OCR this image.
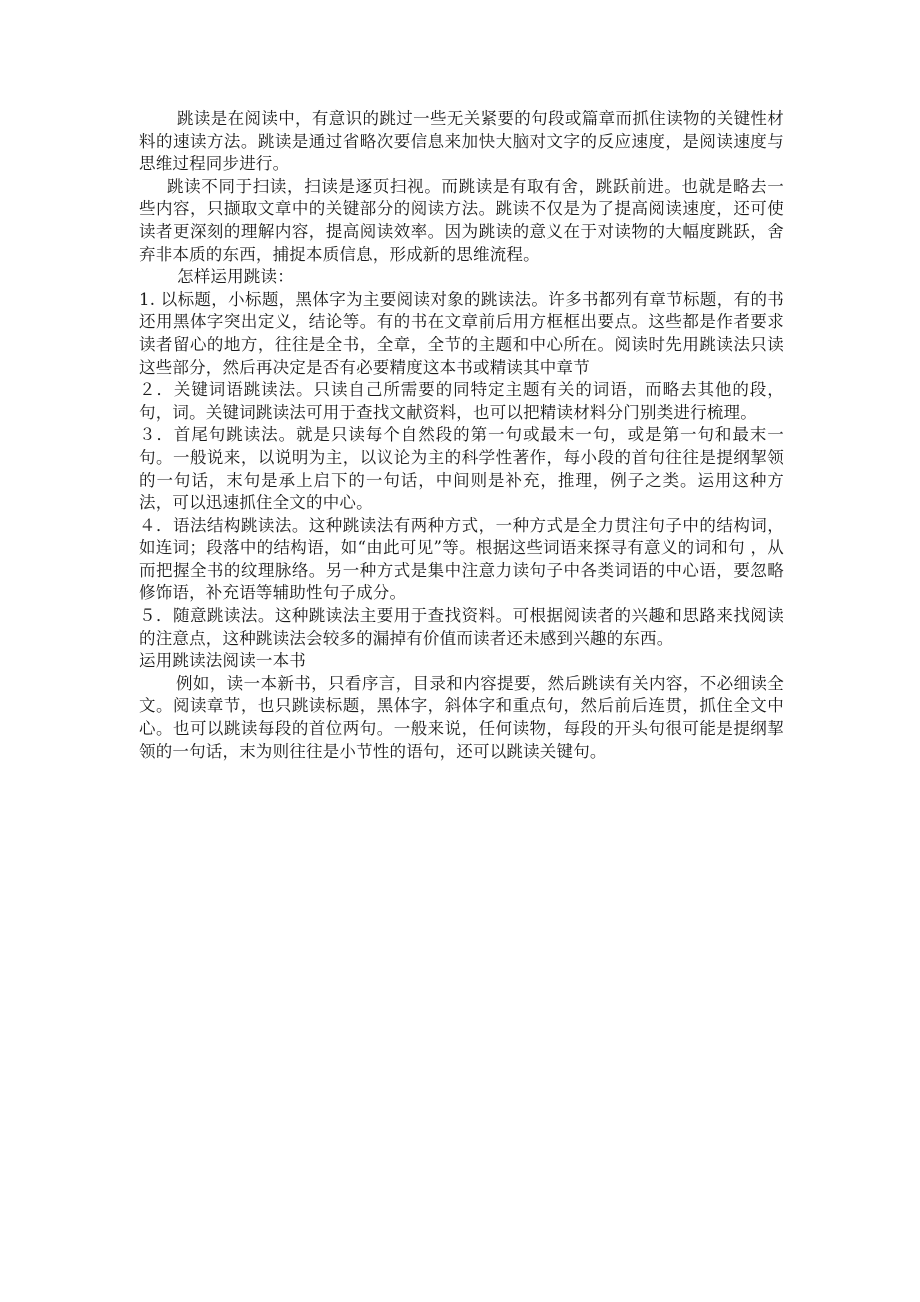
跳读是在阅读中，有意识的跳过一些无关紧要的句段或篇章而抓住读物的关键性材料的速读方法。跳读是通过省略次要信息来加快大脑对文字的反应速度，是阅读速度与思维过程同步进行。

跳读不同于扫读，扫读是逐页扫视。而跳读是有取有舍，跳跃前进。也就是略去一些内容，只撷取文章中的关键部分的阅读方法。跳读不仅是为了提高阅读速度，还可使读者更深刻的理解内容，提高阅读效率。因为跳读的意义在于对读物的大幅度跳跃，舍弃非本质的东西，捕捉本质信息，形成新的思维流程。

怎样运用跳读：

1. 以标题，小标题，黑体字为主要阅读对象的跳读法。许多书都列有章节标题，有的书还用黑体字突出定义，结论等。有的书在文章前后用方框框出要点。这些都是作者要求读者留心的地方，往往是全书，全章，全节的主题和中心所在。阅读时先用跳读法只读这些部分，然后再决定是否有必要精度这本书或精读其中章节

２．关键词语跳读法。只读自己所需要的同特定主题有关的词语，而略去其他的段，句，词。关键词跳读法可用于查找文献资料，也可以把精读材料分门别类进行梳理。

３．首尾句跳读法。就是只读每个自然段的第一句或最末一句，或是第一句和最末一句。一般说来，以说明为主，以议论为主的科学性著作，每小段的首句往往是提纲挈领的一句话，末句是承上启下的一句话，中间则是补充，推理，例子之类。运用这种方法，可以迅速抓住全文的中心。

４．语法结构跳读法。这种跳读法有两种方式，一种方式是全力贯注句子中的结构词，如连词；段落中的结构语，如“由此可见”等。根据这些词语来探寻有意义的词和句 ，从而把握全书的纹理脉络。另一种方式是集中注意力读句子中各类词语的中心语，要忽略修饰语，补充语等辅助性句子成分。

５．随意跳读法。这种跳读法主要用于查找资料。可根据阅读者的兴趣和思路来找阅读的注意点，这种跳读法会较多的漏掉有价值而读者还未感到兴趣的东西。

运用跳读法阅读一本书

例如，读一本新书，只看序言，目录和内容提要，然后跳读有关内容，不必细读全文。阅读章节，也只跳读标题，黑体字，斜体字和重点句，然后前后连贯，抓住全文中心。也可以跳读每段的首位两句。一般来说，任何读物，每段的开头句很可能是提纲挈领的一句话，末为则往往是小节性的语句，还可以跳读关键句。
